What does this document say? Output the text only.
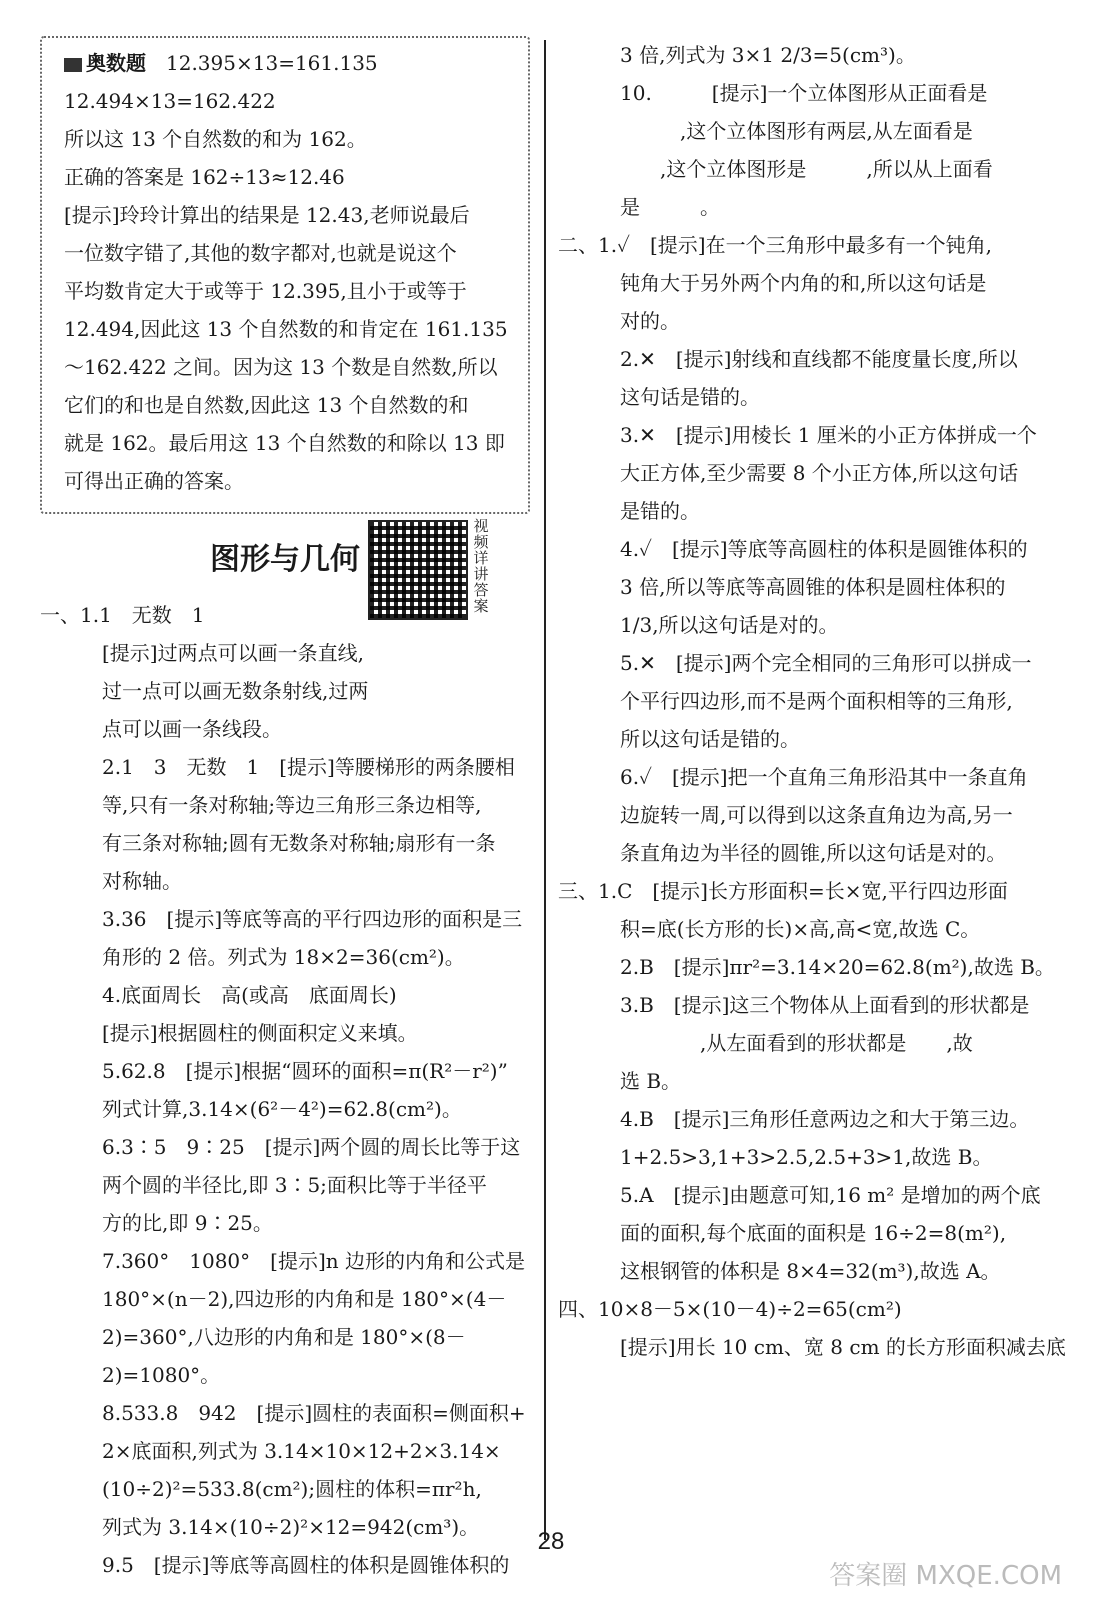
奥数题　 12.395×13=161.135
12.494×13=162.422
所以这 13 个自然数的和为 162。
正确的答案是 162÷13≈12.46
[提示]玲玲计算出的结果是 12.43,老师说最后
一位数字错了,其他的数字都对,也就是说这个
平均数肯定大于或等于 12.395,且小于或等于
12.494,因此这 13 个自然数的和肯定在 161.135
～162.422 之间。因为这 13 个数是自然数,所以
它们的和也是自然数,因此这 13 个自然数的和
就是 162。最后用这 13 个自然数的和除以 13 即
可得出正确的答案。
图形与几何
一、1.1　无数　1
[提示]过两点可以画一条直线,
过一点可以画无数条射线,过两
点可以画一条线段。
2.1　3　无数　1　[提示]等腰梯形的两条腰相
等,只有一条对称轴;等边三角形三条边相等,
有三条对称轴;圆有无数条对称轴;扇形有一条
对称轴。
3.36　[提示]等底等高的平行四边形的面积是三
角形的 2 倍。列式为 18×2=36(cm²)。
4.底面周长　高(或高　底面周长)
[提示]根据圆柱的侧面积定义来填。
5.62.8　[提示]根据“圆环的面积=π(R²－r²)”
列式计算,3.14×(6²－4²)=62.8(cm²)。
6.3∶5　9∶25　[提示]两个圆的周长比等于这
两个圆的半径比,即 3∶5;面积比等于半径平
方的比,即 9∶25。
7.360°　1080°　[提示]n 边形的内角和公式是
180°×(n－2),四边形的内角和是 180°×(4－
2)=360°,八边形的内角和是 180°×(8－
2)=1080°。
8.533.8　942　[提示]圆柱的表面积=侧面积+
2×底面积,列式为 3.14×10×12+2×3.14×
(10÷2)²=533.8(cm²);圆柱的体积=πr²h,
列式为 3.14×(10÷2)²×12=942(cm³)。
9.5　[提示]等底等高圆柱的体积是圆锥体积的
视频详讲答案
3 倍,列式为 3×1 2/3=5(cm³)。
10.　　　[提示]一个立体图形从正面看是
　　　,这个立体图形有两层,从左面看是
　　,这个立体图形是　　　,所以从上面看
是　　　。
二、1.✓　[提示]在一个三角形中最多有一个钝角,
钝角大于另外两个内角的和,所以这句话是
对的。
2.✕　[提示]射线和直线都不能度量长度,所以
这句话是错的。
3.✕　[提示]用棱长 1 厘米的小正方体拼成一个
大正方体,至少需要 8 个小正方体,所以这句话
是错的。
4.✓　[提示]等底等高圆柱的体积是圆锥体积的
3 倍,所以等底等高圆锥的体积是圆柱体积的
1/3,所以这句话是对的。
5.✕　[提示]两个完全相同的三角形可以拼成一
个平行四边形,而不是两个面积相等的三角形,
所以这句话是错的。
6.✓　[提示]把一个直角三角形沿其中一条直角
边旋转一周,可以得到以这条直角边为高,另一
条直角边为半径的圆锥,所以这句话是对的。
三、1.C　[提示]长方形面积=长×宽,平行四边形面
积=底(长方形的长)×高,高<宽,故选 C。
2.B　[提示]πr²=3.14×20=62.8(m²),故选 B。
3.B　[提示]这三个物体从上面看到的形状都是
　　　　,从左面看到的形状都是　　,故
选 B。
4.B　[提示]三角形任意两边之和大于第三边。
1+2.5>3,1+3>2.5,2.5+3>1,故选 B。
5.A　[提示]由题意可知,16 m² 是增加的两个底
面的面积,每个底面的面积是 16÷2=8(m²),
这根钢管的体积是 8×4=32(m³),故选 A。
四、10×8－5×(10－4)÷2=65(cm²)
[提示]用长 10 cm、宽 8 cm 的长方形面积减去底
28
答案圈 MXQE.COM
